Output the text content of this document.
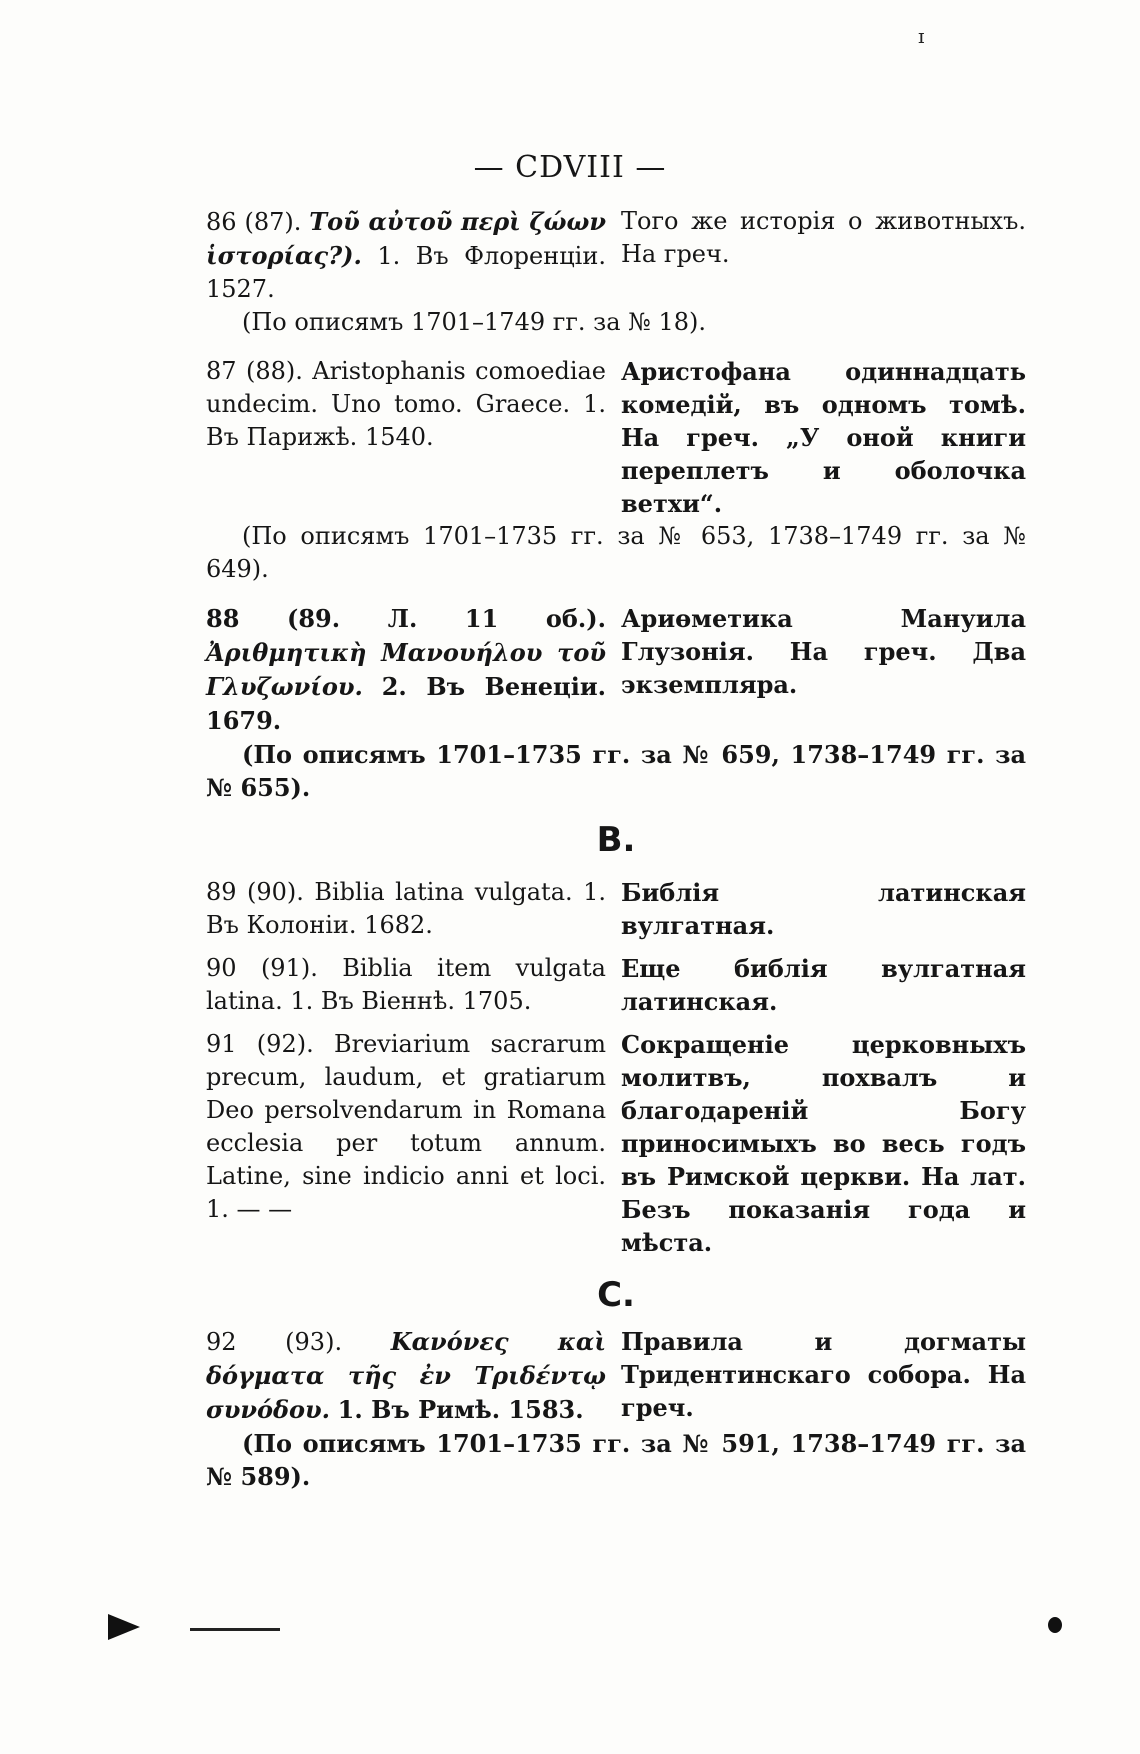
ɪ
— CDVIII —
86 (87). Τοῦ αὐτοῦ περὶ ζώων ἱστορίας?). 1. Въ Флоренціи. 1527.
Того же исторія о животныхъ. На греч.
(По описямъ 1701–1749 гг. за № 18).
87 (88). Aristophanis comoediae undecim. Uno tomo. Graece. 1. Въ Парижѣ. 1540.
Аристофана одиннадцать комедій, въ одномъ томѣ. На греч. „У оной книги переплетъ и оболочка ветхи“.
(По описямъ 1701–1735 гг. за № 653, 1738–1749 гг. за № 649).
88 (89. Л. 11 об.). Ἀριθμητικὴ Μανουήλου τοῦ Γλυζωνίου. 2. Въ Венеціи. 1679.
Ариөметика Мануила Глузонія. На греч. Два экземпляра.
(По описямъ 1701–1735 гг. за № 659, 1738–1749 гг. за № 655).
B.
89 (90). Biblia latina vulgata. 1. Въ Колоніи. 1682.
Библія латинская вулгатная.
90 (91). Biblia item vulgata latina. 1. Въ Віеннѣ. 1705.
Еще библія вулгатная латинская.
91 (92). Breviarium sacrarum precum, laudum, et gratiarum Deo persolvendarum in Romana ecclesia per totum annum. Latine, sine indicio anni et loci. 1. — —
Сокращеніе церковныхъ молитвъ, похвалъ и благодареній Богу приносимыхъ во весь годъ въ Римской церкви. На лат. Безъ показанія года и мѣста.
C.
92 (93). Κανόνες καὶ δόγματα τῆς ἐν Τριδέντῳ συνόδου. 1. Въ Римѣ. 1583.
Правила и догматы Тридентинскаго собора. На греч.
(По описямъ 1701–1735 гг. за № 591, 1738–1749 гг. за № 589).
